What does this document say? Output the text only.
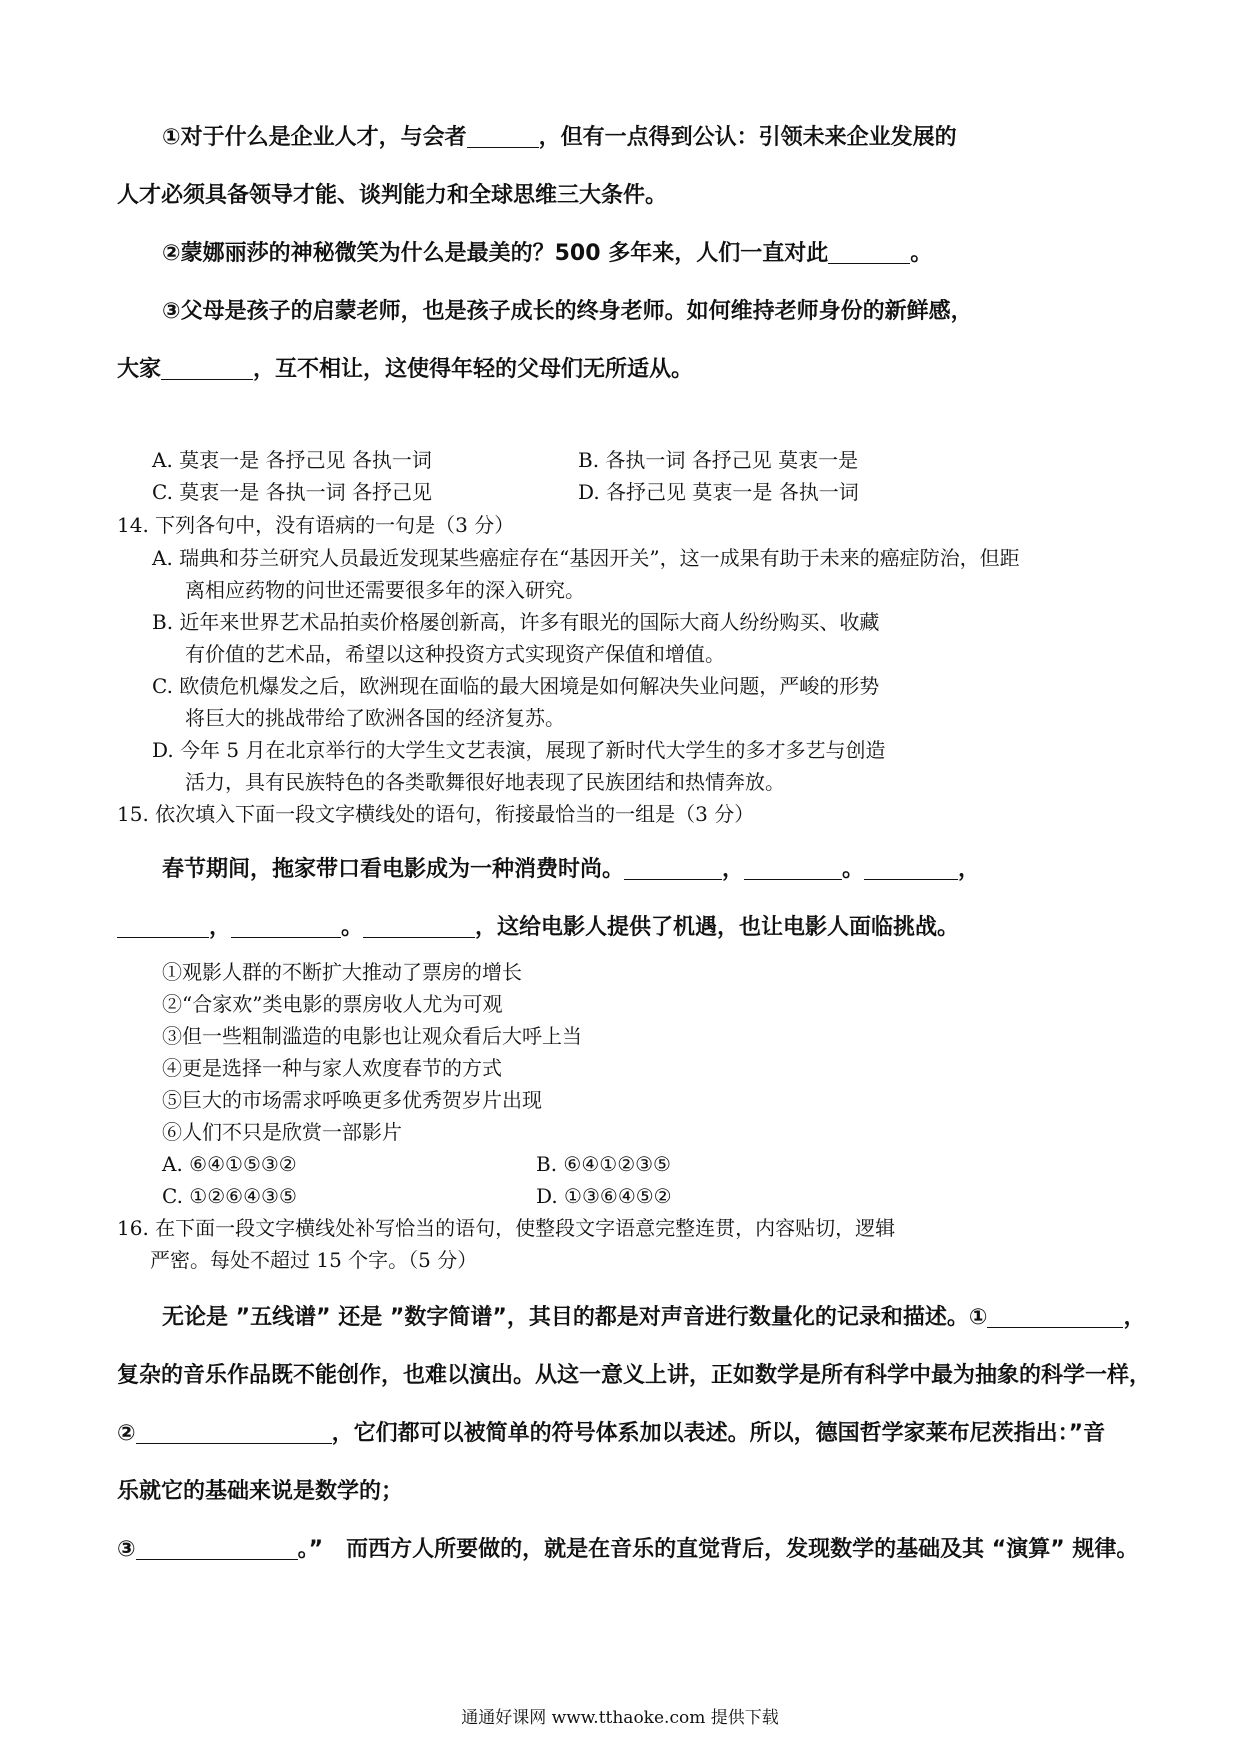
①对于什么是企业人才，与会者	，但有一点得到公认：引领未来企业发展的
人才必须具备领导才能、谈判能力和全球思维三大条件。
②蒙娜丽莎的神秘微笑为什么是最美的？500 多年来，人们一直对此	。
③父母是孩子的启蒙老师，也是孩子成长的终身老师。如何维持老师身份的新鲜感，
大家	，互不相让，这使得年轻的父母们无所适从。
A. 莫衷一是 各抒己见 各执一词	B. 各执一词 各抒己见 莫衷一是
C. 莫衷一是 各执一词 各抒己见	D. 各抒己见 莫衷一是 各执一词
14. 下列各句中，没有语病的一句是（3 分）
A. 瑞典和芬兰研究人员最近发现某些癌症存在“基因开关”，这一成果有助于未来的癌症防治，但距
离相应药物的问世还需要很多年的深入研究。
B. 近年来世界艺术品拍卖价格屡创新高，许多有眼光的国际大商人纷纷购买、收藏
有价值的艺术品，希望以这种投资方式实现资产保值和增值。
C. 欧债危机爆发之后，欧洲现在面临的最大困境是如何解决失业问题，严峻的形势
将巨大的挑战带给了欧洲各国的经济复苏。
D. 今年 5 月在北京举行的大学生文艺表演，展现了新时代大学生的多才多艺与创造
活力，具有民族特色的各类歌舞很好地表现了民族团结和热情奔放。
15. 依次填入下面一段文字横线处的语句，衔接最恰当的一组是（3 分）
春节期间，拖家带口看电影成为一种消费时尚。	，	。	，
，	。	，这给电影人提供了机遇，也让电影人面临挑战。
①观影人群的不断扩大推动了票房的增长
②“合家欢”类电影的票房收人尤为可观
③但一些粗制滥造的电影也让观众看后大呼上当
④更是选择一种与家人欢度春节的方式
⑤巨大的市场需求呼唤更多优秀贺岁片出现
⑥人们不只是欣赏一部影片
A. ⑥④①⑤③②	B. ⑥④①②③⑤
C. ①②⑥④③⑤	D. ①③⑥④⑤②
16. 在下面一段文字横线处补写恰当的语句，使整段文字语意完整连贯，内容贴切，逻辑
严密。每处不超过 15 个字。（5 分）
无论是 ”五线谱” 还是 ”数字简谱”，其目的都是对声音进行数量化的记录和描述。①	，
复杂的音乐作品既不能创作，也难以演出。从这一意义上讲，正如数学是所有科学中最为抽象的科学一样，
②	，它们都可以被简单的符号体系加以表述。所以，德国哲学家莱布尼茨指出：”音
乐就它的基础来说是数学的；
③	。”   而西方人所要做的，就是在音乐的直觉背后，发现数学的基础及其 “演算” 规律。
通通好课网 www.tthaoke.com 提供下载
